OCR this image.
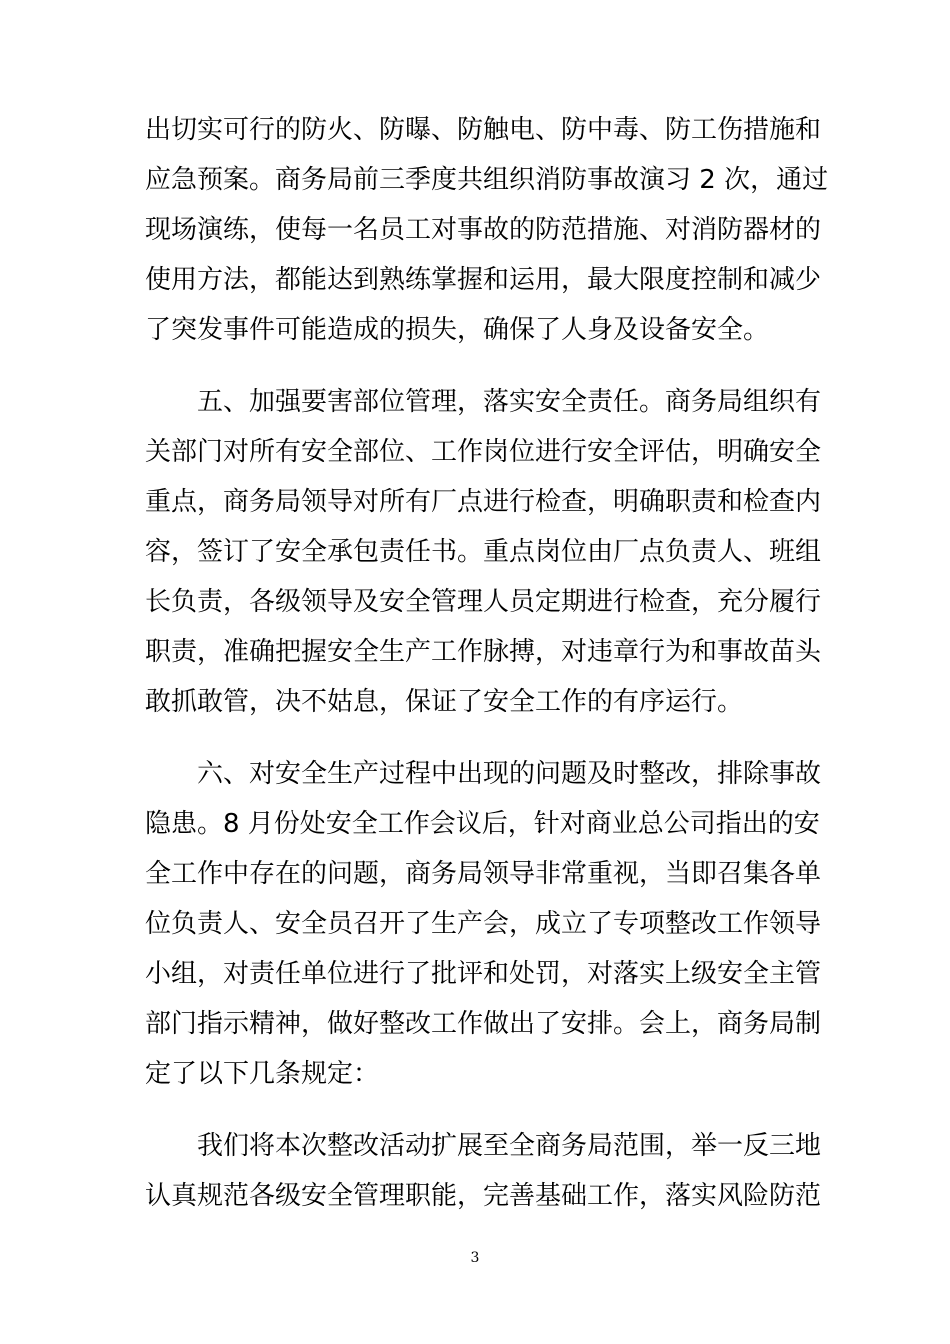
出切实可行的防火、防曝、防触电、防中毒、防工伤措施和
应急预案。商务局前三季度共组织消防事故演习 2 次，通过
现场演练，使每一名员工对事故的防范措施、对消防器材的
使用方法，都能达到熟练掌握和运用，最大限度控制和减少
了突发事件可能造成的损失，确保了人身及设备安全。
五、加强要害部位管理，落实安全责任。商务局组织有
关部门对所有安全部位、工作岗位进行安全评估，明确安全
重点，商务局领导对所有厂点进行检查，明确职责和检查内
容，签订了安全承包责任书。重点岗位由厂点负责人、班组
长负责，各级领导及安全管理人员定期进行检查，充分履行
职责，准确把握安全生产工作脉搏，对违章行为和事故苗头
敢抓敢管，决不姑息，保证了安全工作的有序运行。
六、对安全生产过程中出现的问题及时整改，排除事故
隐患。8 月份处安全工作会议后，针对商业总公司指出的安
全工作中存在的问题，商务局领导非常重视，当即召集各单
位负责人、安全员召开了生产会，成立了专项整改工作领导
小组，对责任单位进行了批评和处罚，对落实上级安全主管
部门指示精神，做好整改工作做出了安排。会上，商务局制
定了以下几条规定：
我们将本次整改活动扩展至全商务局范围，举一反三地
认真规范各级安全管理职能，完善基础工作，落实风险防范
3
